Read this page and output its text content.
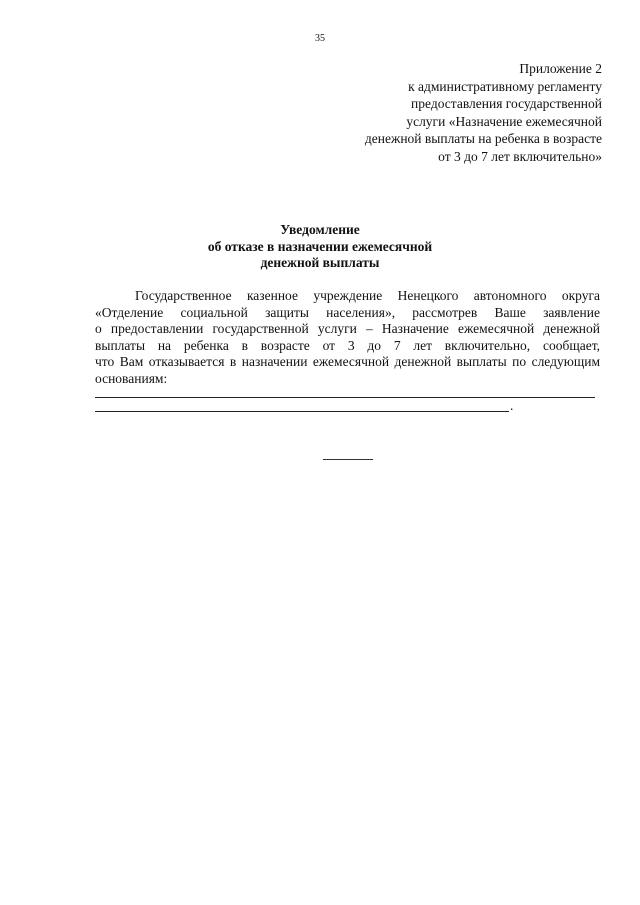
35
Приложение 2
к административному регламенту
предоставления государственной
услуги «Назначение ежемесячной
денежной выплаты на ребенка в возрасте
от 3 до 7 лет включительно»
Уведомление
об отказе в назначении ежемесячной
денежной выплаты
Государственное казенное учреждение Ненецкого автономного округа
«Отделение социальной защиты населения», рассмотрев Ваше заявление
о предоставлении государственной услуги – Назначение ежемесячной денежной
выплаты на ребенка в возрасте от 3 до 7 лет включительно, сообщает,
что Вам отказывается в назначении ежемесячной денежной выплаты по следующим
основаниям:
.
